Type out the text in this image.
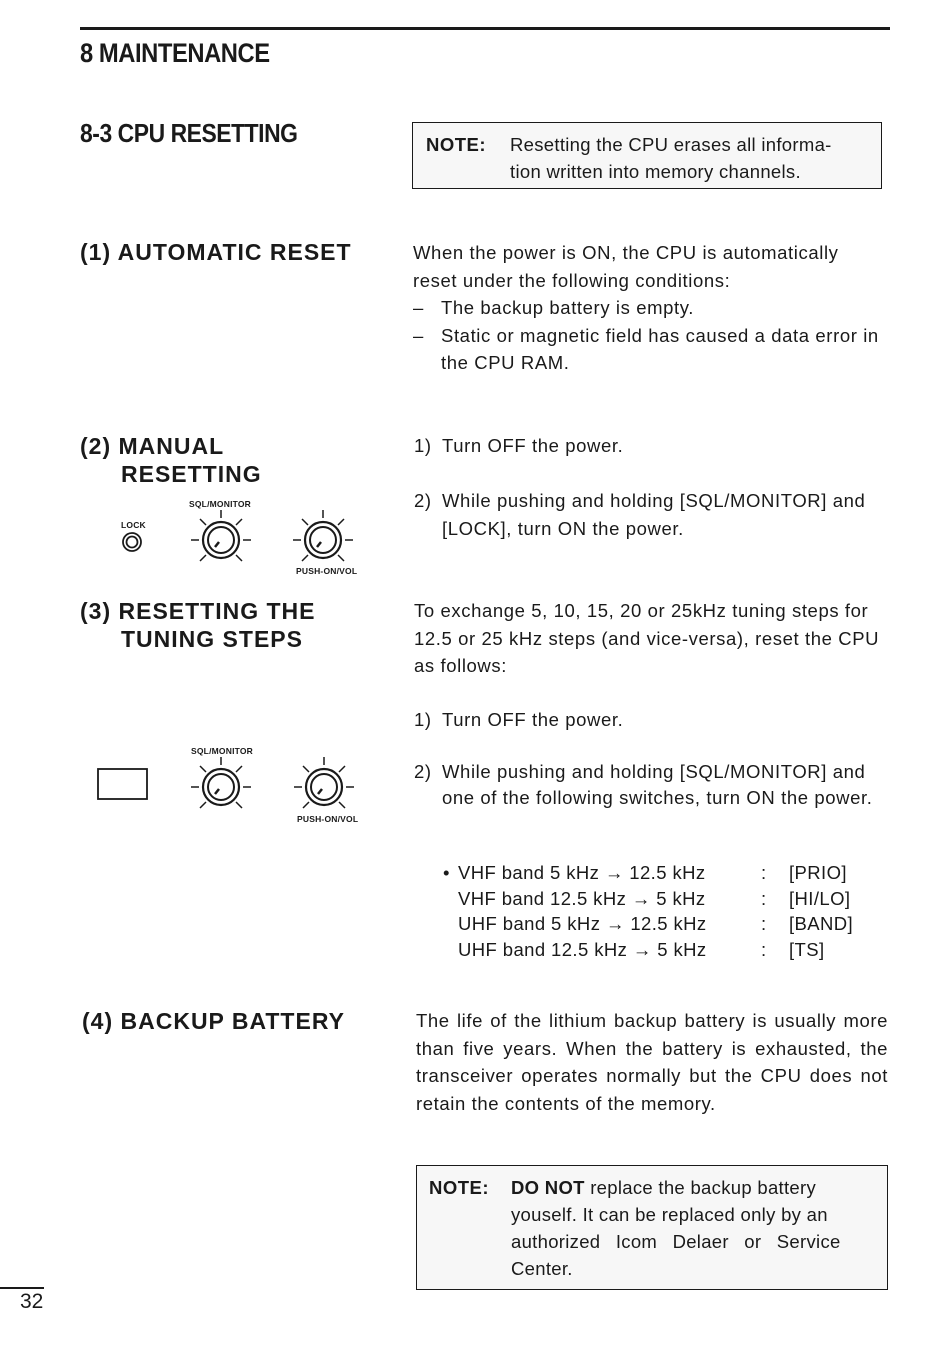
8 MAINTENANCE
8-3 CPU RESETTING	NOTE: Resetting the CPU erases all informa-
tion written into memory channels.
(1) AUTOMATIC RESET	When the power is ON, the CPU is automatically reset under the following conditions:
– The backup battery is empty.
– Static or magnetic field has caused a data error in the CPU RAM.
(2) MANUAL
RESETTING
1) Turn OFF the power.
2) While pushing and holding [SQL/MONITOR] and [LOCK], turn ON the power.
LOCK
SQL/MONITOR
PUSH-ON/VOL
(3) RESETTING THE
TUNING STEPS
To exchange 5, 10, 15, 20 or 25kHz tuning steps for 12.5 or 25 kHz steps (and vice-versa), reset the CPU as follows:
1) Turn OFF the power.
2) While pushing and holding [SQL/MONITOR] and one of the following switches, turn ON the power.
SQL/MONITOR
PUSH-ON/VOL
• VHF band 5 kHz → 12.5 kHz	: [PRIO]
VHF band 12.5 kHz → 5 kHz	: [HI/LO]
UHF band 5 kHz → 12.5 kHz	: [BAND]
UHF band 12.5 kHz → 5 kHz	: [TS]
(4) BACKUP BATTERY	The life of the lithium backup battery is usually more than five years. When the battery is exhausted, the transceiver operates normally but the CPU does not retain the contents of the memory.
NOTE: DO NOT replace the backup battery
youself. It can be replaced only by an
authorized Icom Delaer or Service
Center.
32
